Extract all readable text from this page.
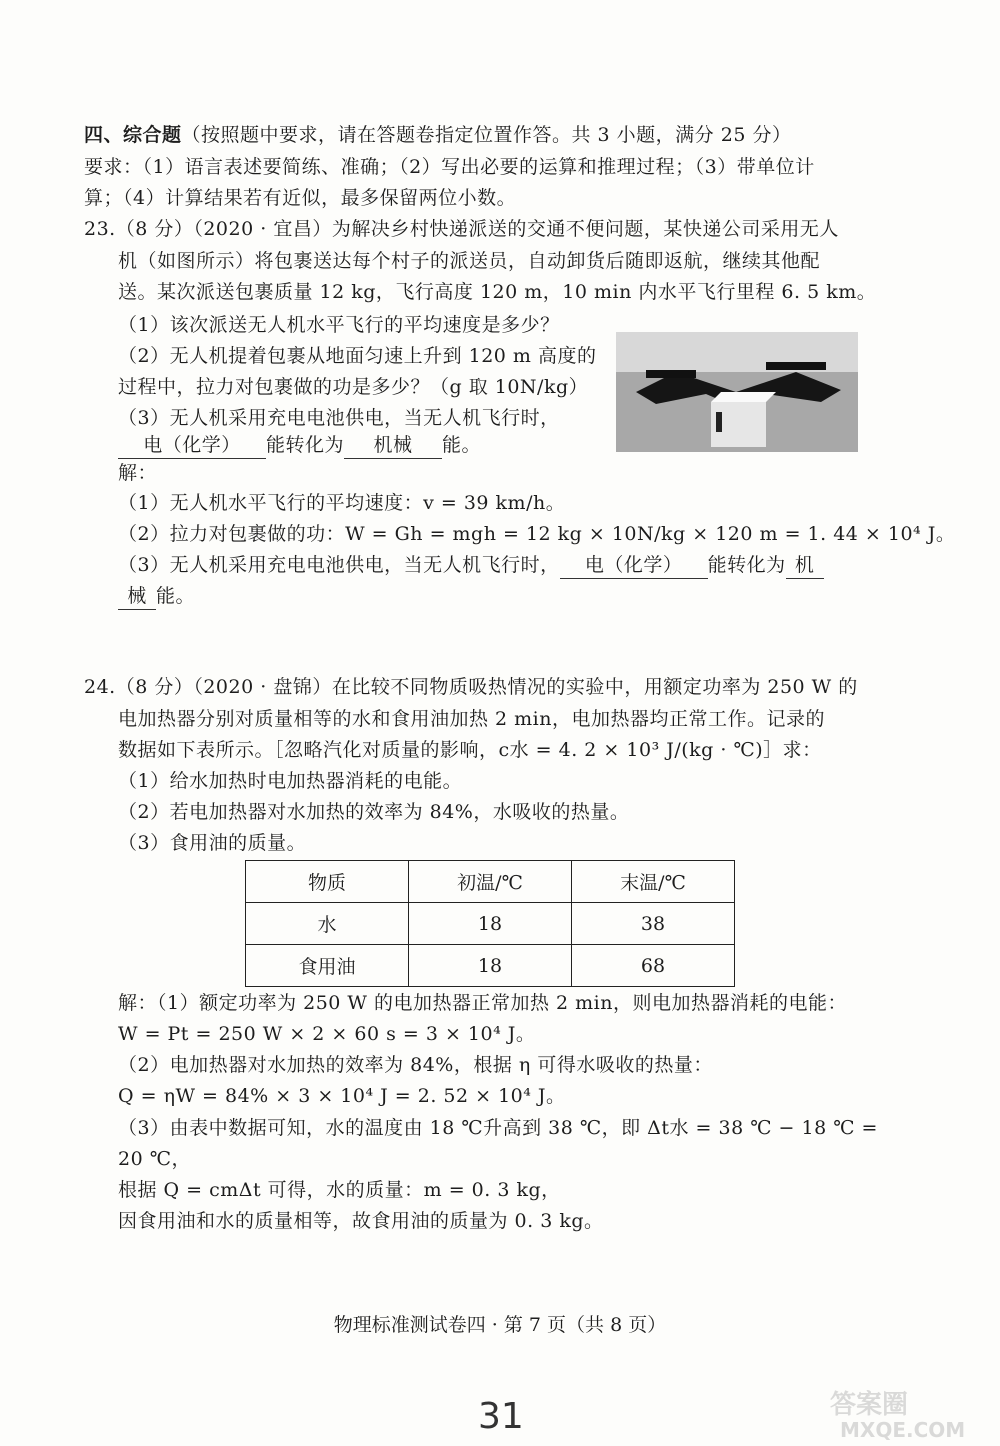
四、综合题（按照题中要求，请在答题卷指定位置作答。共 3 小题，满分 25 分）
要求：（1）语言表述要简练、准确；（2）写出必要的运算和推理过程；（3）带单位计
算；（4）计算结果若有近似，最多保留两位小数。
23.（8 分）（2020 · 宜昌）为解决乡村快递派送的交通不便问题，某快递公司采用无人
机（如图所示）将包裹送达每个村子的派送员，自动卸货后随即返航，继续其他配
送。某次派送包裹质量 12 kg，飞行高度 120 m，10 min 内水平飞行里程 6. 5 km。
（1）该次派送无人机水平飞行的平均速度是多少？
（2）无人机提着包裹从地面匀速上升到 120 m 高度的
过程中，拉力对包裹做的功是多少？（g 取 10N/kg）
（3）无人机采用充电电池供电，当无人机飞行时，
电（化学） 能转化为 机械 能。
解：
（1）无人机水平飞行的平均速度：v = 39 km/h。
（2）拉力对包裹做的功：W = Gh = mgh = 12 kg × 10N/kg × 120 m = 1. 44 × 10⁴ J。
（3）无人机采用充电电池供电，当无人机飞行时， 电（化学） 能转化为 机
械 能。
24.（8 分）（2020 · 盘锦）在比较不同物质吸热情况的实验中，用额定功率为 250 W 的
电加热器分别对质量相等的水和食用油加热 2 min，电加热器均正常工作。记录的
数据如下表所示。［忽略汽化对质量的影响，c水 = 4. 2 × 10³ J/(kg · ℃)］求：
（1）给水加热时电加热器消耗的电能。
（2）若电加热器对水加热的效率为 84%，水吸收的热量。
（3）食用油的质量。
物质	初温/℃	末温/℃
水	18	38
食用油	18	68
解：（1）额定功率为 250 W 的电加热器正常加热 2 min，则电加热器消耗的电能：
W = Pt = 250 W × 2 × 60 s = 3 × 10⁴ J。
（2）电加热器对水加热的效率为 84%，根据 η 可得水吸收的热量：
Q = ηW = 84% × 3 × 10⁴ J = 2. 52 × 10⁴ J。
（3）由表中数据可知，水的温度由 18 ℃升高到 38 ℃，即 Δt水 = 38 ℃ − 18 ℃ =
20 ℃，
根据 Q = cmΔt 可得，水的质量：m = 0. 3 kg，
因食用油和水的质量相等，故食用油的质量为 0. 3 kg。
物理标准测试卷四 · 第 7 页（共 8 页）
31	答案圈
MXQE.COM
